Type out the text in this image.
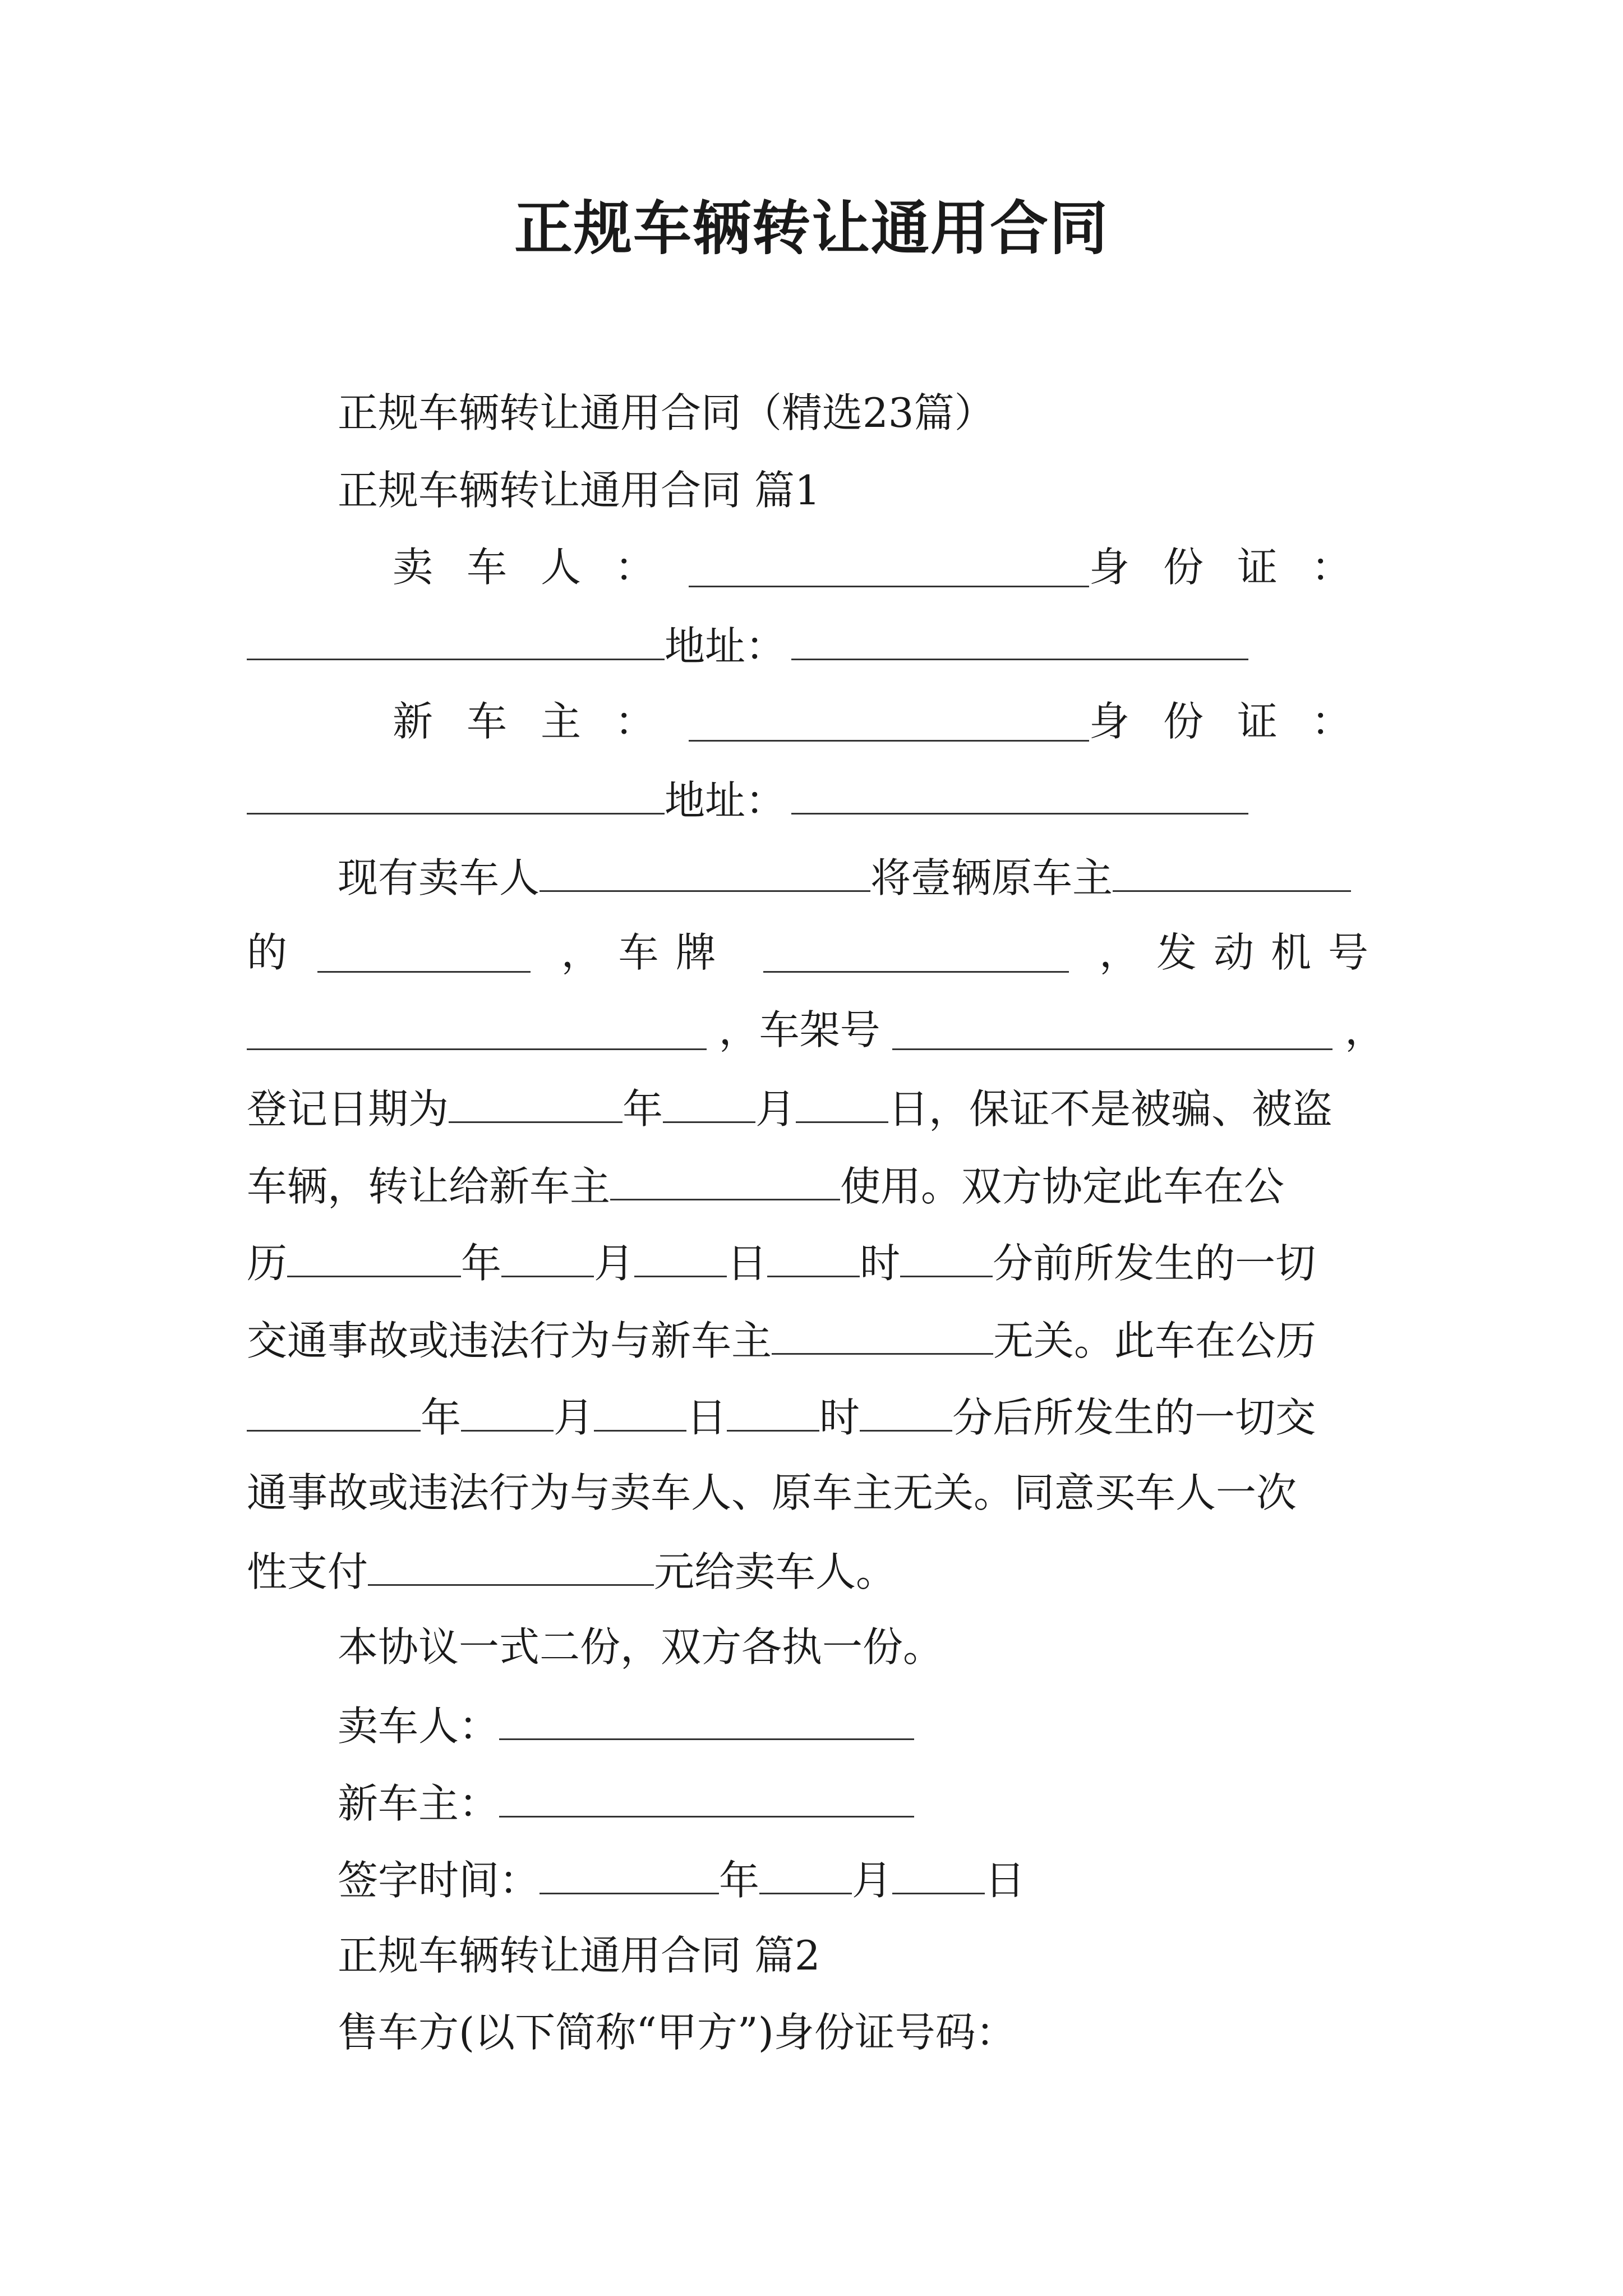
正规车辆转让通用合同
正规车辆转让通用合同（精选23篇）
正规车辆转让通用合同 篇1
卖车人：	身份证：
地址：
新车主：	身份证：
地址：
现有卖车人	将壹辆原车主
的	，车牌	，发动机号
，车架号	，
登记日期为	年 月 日，保证不是被骗、被盗
车辆，转让给新车主	使用。双方协定此车在公
历	年 月 日 时 分前所发生的一切
交通事故或违法行为与新车主	无关。此车在公历
年 月 日 时 分后所发生的一切交
通事故或违法行为与卖车人、原车主无关。同意买车人一次
性支付	元给卖车人。
本协议一式二份，双方各执一份。
卖车人：
新车主：
签字时间：	年 月 日
正规车辆转让通用合同 篇2
售车方(以下简称“甲方”)身份证号码：
